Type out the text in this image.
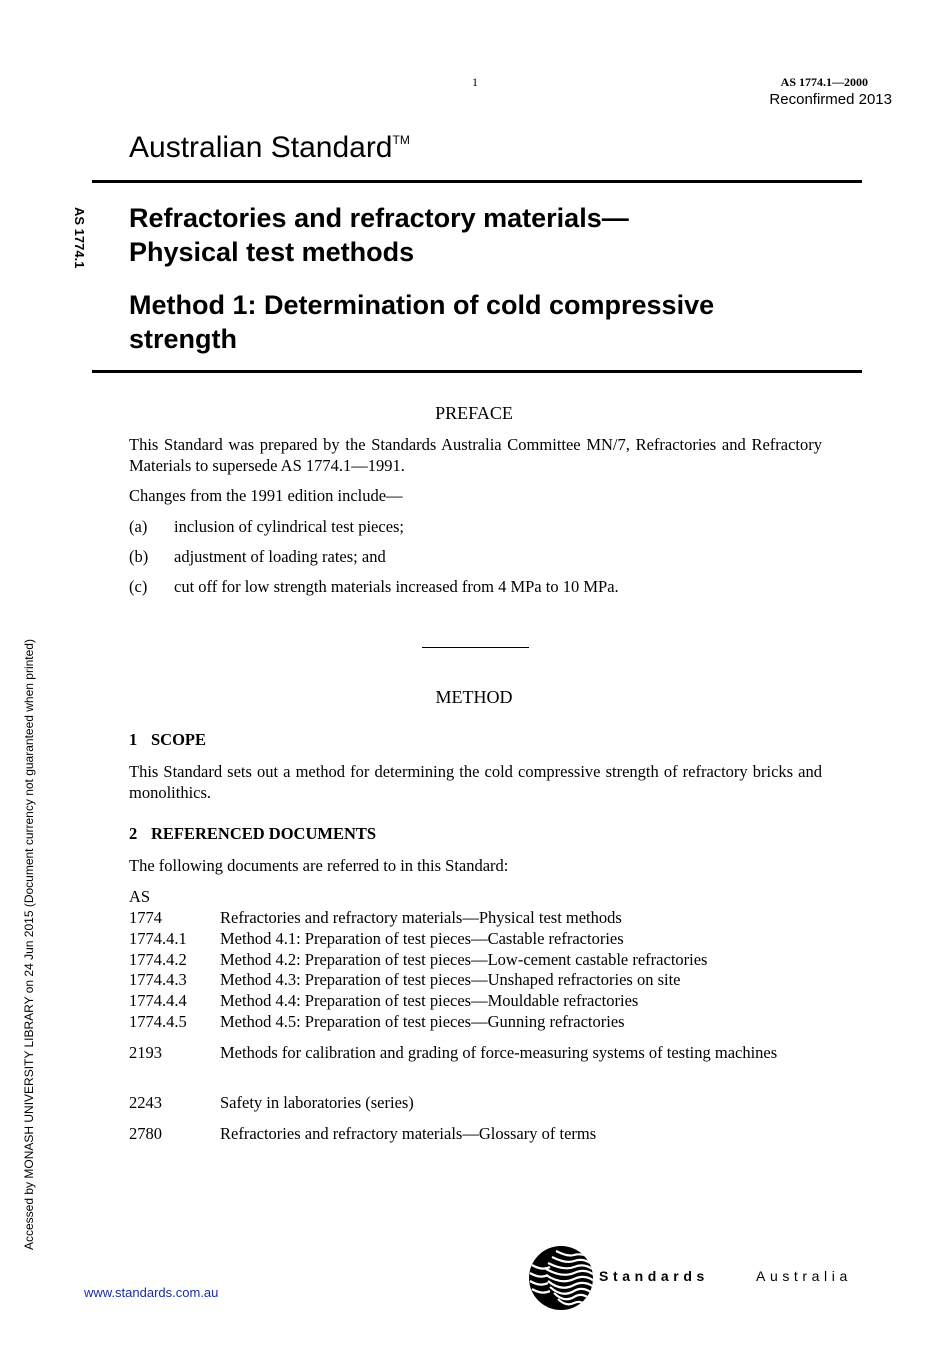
1	AS 1774.1—2000
Reconfirmed 2013
Australian Standard™
AS 1774.1 Refractories and refractory materials—
Physical test methods
Method 1: Determination of cold compressive
strength
PREFACE
This Standard was prepared by the Standards Australia Committee MN/7, Refractories and Refractory Materials to supersede AS 1774.1—1991.
Changes from the 1991 edition include—
(a) inclusion of cylindrical test pieces;
(b) adjustment of loading rates; and
(c) cut off for low strength materials increased from 4 MPa to 10 MPa.
METHOD
1 SCOPE
This Standard sets out a method for determining the cold compressive strength of refractory bricks and monolithics.
2 REFERENCED DOCUMENTS
The following documents are referred to in this Standard:
AS
1774	Refractories and refractory materials—Physical test methods
1774.4.1 Method 4.1: Preparation of test pieces—Castable refractories
1774.4.2 Method 4.2: Preparation of test pieces—Low-cement castable refractories
1774.4.3 Method 4.3: Preparation of test pieces—Unshaped refractories on site
1774.4.4 Method 4.4: Preparation of test pieces—Mouldable refractories
1774.4.5 Method 4.5: Preparation of test pieces—Gunning refractories
2193	Methods for calibration and grading of force-measuring systems of testing machines
2243	Safety in laboratories (series)
2780	Refractories and refractory materials—Glossary of terms
Accessed by MONASH UNIVERSITY LIBRARY on 24 Jun 2015 (Document currency not guaranteed when printed)
www.standards.com.au
Standards	Australia
